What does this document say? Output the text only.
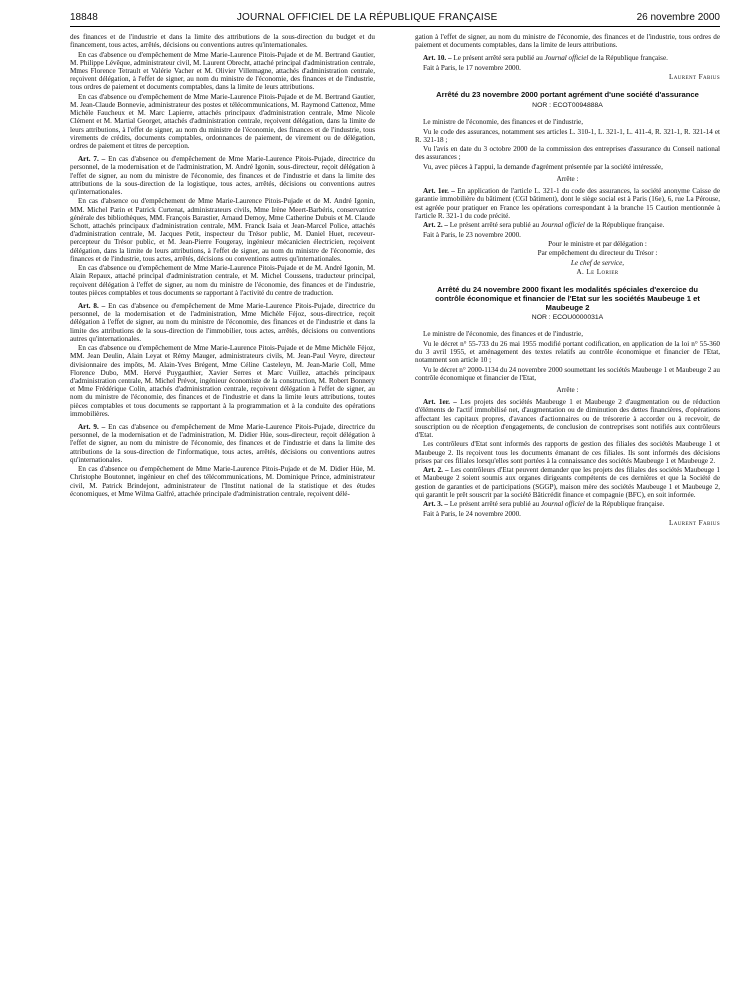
18848	JOURNAL OFFICIEL DE LA RÉPUBLIQUE FRANÇAISE	26 novembre 2000

des finances et de l'industrie et dans la limite des attributions de la sous-direction du budget et du financement, tous actes, arrêtés, décisions ou conventions autres qu'internationales.

En cas d'absence ou d'empêchement de Mme Marie-Laurence Pitois-Pujade et de M. Bertrand Gautier, M. Philippe Lévêque, administrateur civil, M. Laurent Obrecht, attaché principal d'administration centrale, Mmes Florence Tetrault et Valérie Vacher et M. Olivier Villemagne, attachés d'administration centrale, reçoivent délégation, à l'effet de signer, au nom du ministre de l'économie, des finances et de l'industrie, tous ordres de paiement et documents comptables, dans la limite de leurs attributions.

En cas d'absence ou d'empêchement de Mme Marie-Laurence Pitois-Pujade et de M. Bertrand Gautier, M. Jean-Claude Bonnevie, administrateur des postes et télécommunications, M. Raymond Cattenoz, Mme Michèle Faucheux et M. Marc Lapierre, attachés principaux d'administration centrale, Mme Nicole Clément et M. Martial Georget, attachés d'administration centrale, reçoivent délégation, dans la limite de leurs attributions, à l'effet de signer, au nom du ministre de l'économie, des finances et de l'industrie, tous virements de crédits, documents comptables, ordonnances de paiement, de virement ou de délégation, ordres de paiement et titres de perception.

Art. 7. – En cas d'absence ou d'empêchement de Mme Marie-Laurence Pitois-Pujade, directrice du personnel, de la modernisation et de l'administration, M. André Igonin, sous-directeur, reçoit délégation à l'effet de signer, au nom du ministre de l'économie, des finances et de l'industrie et dans la limite des attributions de la sous-direction de la logistique, tous actes, arrêtés, décisions ou conventions autres qu'internationales.

En cas d'absence ou d'empêchement de Mme Marie-Laurence Pitois-Pujade et de M. André Igonin, MM. Michel Parin et Patrick Curtenat, administrateurs civils, Mme Irène Meert-Barbéris, conservatrice générale des bibliothèques, MM. François Barastier, Arnaud Demoy, Mme Catherine Dubuis et M. Claude Schott, attachés principaux d'administration centrale, MM. Franck Isaia et Jean-Marcel Police, attachés d'administration centrale, M. Jacques Petit, inspecteur du Trésor public, M. Daniel Huet, receveur-percepteur du Trésor public, et M. Jean-Pierre Fougeray, ingénieur mécanicien électricien, reçoivent délégation, dans la limite de leurs attributions, à l'effet de signer, au nom du ministre de l'économie, des finances et de l'industrie, tous actes, arrêtés, décisions ou conventions autres qu'internationales.

En cas d'absence ou d'empêchement de Mme Marie-Laurence Pitois-Pujade et de M. André Igonin, M. Alain Repaux, attaché principal d'administration centrale, et M. Michel Coussens, traducteur principal, reçoivent délégation à l'effet de signer, au nom du ministre de l'économie, des finances et de l'industrie, toutes pièces comptables et tous documents se rapportant à l'activité du centre de traduction.

Art. 8. – En cas d'absence ou d'empêchement de Mme Marie-Laurence Pitois-Pujade, directrice du personnel, de la modernisation et de l'administration, Mme Michèle Féjoz, sous-directrice, reçoit délégation à l'effet de signer, au nom du ministre de l'économie, des finances et de l'industrie et dans la limite des attributions de la sous-direction de l'immobilier, tous actes, arrêtés, décisions ou conventions autres qu'internationales.

En cas d'absence ou d'empêchement de Mme Marie-Laurence Pitois-Pujade et de Mme Michèle Féjoz, MM. Jean Deulin, Alain Leyat et Rémy Mauger, administrateurs civils, M. Jean-Paul Veyre, directeur divisionnaire des impôts, M. Alain-Yves Brégent, Mme Céline Casteleyn, M. Jean-Marie Coll, Mme Florence Dubo, MM. Hervé Puygauthier, Xavier Serres et Marc Vuillez, attachés principaux d'administration centrale, M. Michel Prévot, ingénieur économiste de la construction, M. Robert Bonnery et Mme Frédérique Colin, attachés d'administration centrale, reçoivent délégation à l'effet de signer, au nom du ministre de l'économie, des finances et de l'industrie et dans la limite leurs attributions, toutes pièces comptables et tous documents se rapportant à la programmation et à la conduite des opérations immobilières.

Art. 9. – En cas d'absence ou d'empêchement de Mme Marie-Laurence Pitois-Pujade, directrice du personnel, de la modernisation et de l'administration, M. Didier Hüe, sous-directeur, reçoit délégation à l'effet de signer, au nom du ministre de l'économie, des finances et de l'industrie et dans la limite des attributions de la sous-direction de l'informatique, tous actes, arrêtés, décisions ou conventions autres qu'internationales.

En cas d'absence ou d'empêchement de Mme Marie-Laurence Pitois-Pujade et de M. Didier Hüe, M. Christophe Boutonnet, ingénieur en chef des télécommunications, M. Dominique Prince, administrateur civil, M. Patrick Brindejont, administrateur de l'Institut national de la statistique et des études économiques, et Mme Wilma Galfré, attachée principale d'administration centrale, reçoivent délé-

gation à l'effet de signer, au nom du ministre de l'économie, des finances et de l'industrie, tous ordres de paiement et documents comptables, dans la limite de leurs attributions.

Art. 10. – Le présent arrêté sera publié au Journal officiel de la République française.

Fait à Paris, le 17 novembre 2000.

Laurent Fabius

Arrêté du 23 novembre 2000 portant agrément d'une société d'assurance
NOR : ECOT0094888A

Le ministre de l'économie, des finances et de l'industrie,

Vu le code des assurances, notamment ses articles L. 310-1, L. 321-1, L. 411-4, R. 321-1, R. 321-14 et R. 321-18 ;

Vu l'avis en date du 3 octobre 2000 de la commission des entreprises d'assurance du Conseil national des assurances ;

Vu, avec pièces à l'appui, la demande d'agrément présentée par la société intéressée,

Arrête :

Art. 1er. – En application de l'article L. 321-1 du code des assurances, la société anonyme Caisse de garantie immobilière du bâtiment (CGI bâtiment), dont le siège social est à Paris (16e), 6, rue La Pérouse, est agréée pour pratiquer en France les opérations correspondant à la branche 15 Caution mentionnée à l'article R. 321-1 du code précité.

Art. 2. – Le présent arrêté sera publié au Journal officiel de la République française.

Fait à Paris, le 23 novembre 2000.

Pour le ministre et par délégation :

Par empêchement du directeur du Trésor :

Le chef de service,

A. Le Lorier

Arrêté du 24 novembre 2000 fixant les modalités spéciales d'exercice du contrôle économique et financier de l'Etat sur les sociétés Maubeuge 1 et Maubeuge 2
NOR : ECOU0000031A

Le ministre de l'économie, des finances et de l'industrie,

Vu le décret n° 55-733 du 26 mai 1955 modifié portant codification, en application de la loi n° 55-360 du 3 avril 1955, et aménagement des textes relatifs au contrôle économique et financier de l'Etat, notamment son article 10 ;

Vu le décret n° 2000-1134 du 24 novembre 2000 soumettant les sociétés Maubeuge 1 et Maubeuge 2 au contrôle économique et financier de l'Etat,

Arrête :

Art. 1er. – Les projets des sociétés Maubeuge 1 et Maubeuge 2 d'augmentation ou de réduction d'éléments de l'actif immobilisé net, d'augmentation ou de diminution des dettes financières, d'opérations affectant les capitaux propres, d'avances d'actionnaires ou de trésorerie à accorder ou à recevoir, de souscription ou de réception d'engagements, de conclusion de contreprises sont notifiés aux contrôleurs d'Etat.

Les contrôleurs d'Etat sont informés des rapports de gestion des filiales des sociétés Maubeuge 1 et Maubeuge 2. Ils reçoivent tous les documents émanant de ces filiales. Ils sont informés des décisions prises par ces filiales lorsqu'elles sont portées à la connaissance des sociétés Maubeuge 1 et Maubeuge 2.

Art. 2. – Les contrôleurs d'Etat peuvent demander que les projets des filiales des sociétés Maubeuge 1 et Maubeuge 2 soient soumis aux organes dirigeants compétents de ces dernières et que la Société de gestion de garanties et de participations (SGGP), maison mère des sociétés Maubeuge 1 et Maubeuge 2, qui garantit le prêt souscrit par la société Bâticrédit finance et compagnie (BFC), en soit informée.

Art. 3. – Le présent arrêté sera publié au Journal officiel de la République française.

Fait à Paris, le 24 novembre 2000.

Laurent Fabius
